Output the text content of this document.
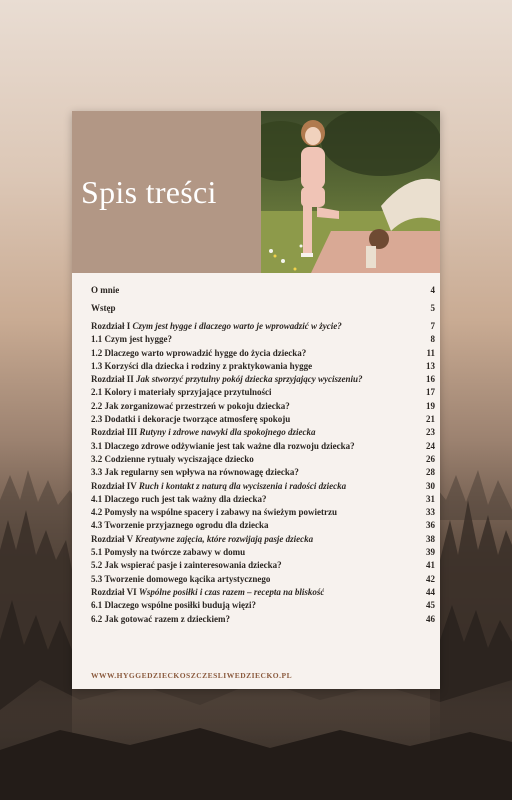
Spis treści
O mnie	4
Wstęp	5
Rozdział I Czym jest hygge i dlaczego warto je wprowadzić w życie?	7
1.1 Czym jest hygge?	8
1.2 Dlaczego warto wprowadzić hygge do życia dziecka?	11
1.3 Korzyści dla dziecka i rodziny z praktykowania hygge	13
Rozdział II Jak stworzyć przytulny pokój dziecka sprzyjający wyciszeniu?	16
2.1 Kolory i materiały sprzyjające przytulności	17
2.2 Jak zorganizować przestrzeń w pokoju dziecka?	19
2.3 Dodatki i dekoracje tworzące atmosferę spokoju	21
Rozdział III Rutyny i zdrowe nawyki dla spokojnego dziecka	23
3.1 Dlaczego zdrowe odżywianie jest tak ważne dla rozwoju dziecka?	24
3.2 Codzienne rytuały wyciszające dziecko	26
3.3 Jak regularny sen wpływa na równowagę dziecka?	28
Rozdział IV Ruch i kontakt z naturą dla wyciszenia i radości dziecka	30
4.1 Dlaczego ruch jest tak ważny dla dziecka?	31
4.2 Pomysły na wspólne spacery i zabawy na świeżym powietrzu	33
4.3 Tworzenie przyjaznego ogrodu dla dziecka	36
Rozdział V Kreatywne zajęcia, które rozwijają pasje dziecka	38
5.1 Pomysły na twórcze zabawy w domu	39
5.2 Jak wspierać pasje i zainteresowania dziecka?	41
5.3 Tworzenie domowego kącika artystycznego	42
Rozdział VI Wspólne posiłki i czas razem – recepta na bliskość	44
6.1 Dlaczego wspólne posiłki budują więzi?	45
6.2 Jak gotować razem z dzieckiem?	46
WWW.HYGGEDZIECKOSZCZESLIWEDZIECKO.PL
